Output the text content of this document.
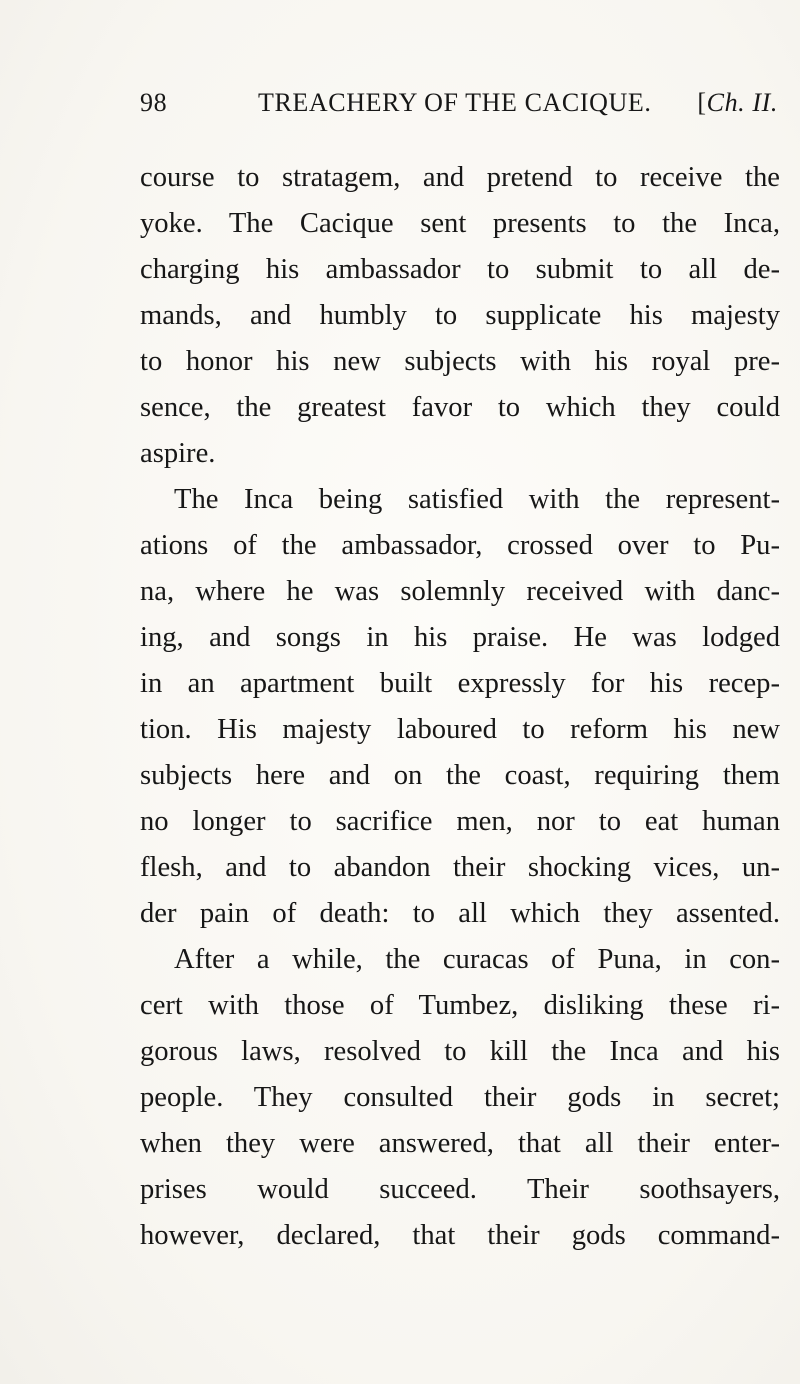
98	TREACHERY OF THE CACIQUE. [Ch. II.
course to stratagem, and pretend to receive the
yoke. The Cacique sent presents to the Inca,
charging his ambassador to submit to all de-
mands, and humbly to supplicate his majesty
to honor his new subjects with his royal pre-
sence, the greatest favor to which they could
aspire.
The Inca being satisfied with the represent-
ations of the ambassador, crossed over to Pu-
na, where he was solemnly received with danc-
ing, and songs in his praise. He was lodged
in an apartment built expressly for his recep-
tion. His majesty laboured to reform his new
subjects here and on the coast, requiring them
no longer to sacrifice men, nor to eat human
flesh, and to abandon their shocking vices, un-
der pain of death: to all which they assented.
After a while, the curacas of Puna, in con-
cert with those of Tumbez, disliking these ri-
gorous laws, resolved to kill the Inca and his
people. They consulted their gods in secret;
when they were answered, that all their enter-
prises would succeed. Their soothsayers,
however, declared, that their gods command-
